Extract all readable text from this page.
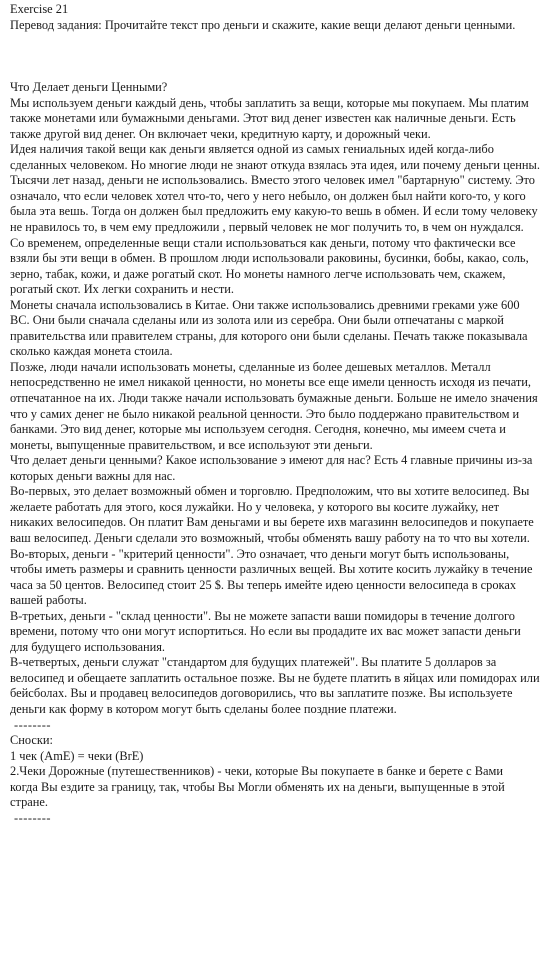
Exercise 21

Перевод задания: Прочитайте текст про деньги и скажите, какие вещи делают деньги ценными.

Что Делает деньги Ценными?

Мы используем деньги каждый день, чтобы заплатить за вещи, которые мы покупаем. Мы платим также монетами или бумажными деньгами. Этот вид денег известен как наличные деньги. Есть также другой вид денег. Он включает чеки, кредитную карту, и дорожный чеки.

Идея наличия такой вещи как деньги является одной из самых гениальных идей когда-либо сделанных человеком. Но многие люди не знают откуда взялась эта идея, или почему деньги ценны.

Тысячи лет назад, деньги не использовались. Вместо этого человек имел "бартарную" систему. Это означало, что если человек хотел что-то, чего у него небыло, он должен был найти кого-то, у кого была эта вешь. Тогда он должен был предложить ему какую-то вешь в обмен. И если тому человеку не нравилось то, в чем ему предложили , первый человек не мог получить то, в чем он нуждался.

Со временем, определенные вещи стали использоваться как деньги, потому что фактически все взяли бы эти вещи в обмен. В прошлом люди использовали раковины, бусинки, бобы, какао, соль, зерно, табак, кожи, и даже рогатый скот. Но монеты намного легче использовать чем, скажем, рогатый скот. Их легки сохранить и нести.

Монеты сначала использовались в Китае. Они также использовались древними греками уже 600 ВС. Они были сначала сделаны или из золота или из серебра. Они были отпечатаны с маркой правительства или правителем страны, для которого они были сделаны. Печать также показывала сколько каждая монета стоила.

Позже, люди начали использовать монеты, сделанные из более дешевых металлов. Металл непосредственно не имел никакой ценности, но монеты все еще имели ценность исходя из печати, отпечатанное на их. Люди также начали использовать бумажные деньги. Больше не имело значения что у самих денег не было никакой реальной ценности. Это было поддержано правительством и банками. Это вид денег, которые мы используем сегодня. Сегодня, конечно, мы имеем счета и монеты, выпущенные правительством, и все используют эти деньги.

Что делает деньги ценными? Какое использование э имеют для нас? Есть 4 главные причины из-за которых деньги важны для нас.

Во-первых, это делает возможный обмен и торговлю. Предположим, что вы хотите велосипед. Вы желаете работать для этого, кося лужайки. Но у человека, у которого вы косите лужайку, нет никаких велосипедов. Он платит Вам деньгами и вы берете ихв магазинн велосипедов и покупаете ваш велосипед. Деньги сделали это возможный, чтобы обменять вашу работу на то что вы хотели.

Во-вторых, деньги - "критерий ценности". Это означает, что деньги могут быть использованы, чтобы иметь размеры и сравнить ценности различных вещей. Вы хотите косить лужайку в течение часа за 50 центов. Велосипед стоит 25 $. Вы теперь имейте идею ценности велосипеда в сроках вашей работы.

В-третьих, деньги - "склад ценности". Вы не можете запасти ваши помидоры в течение долгого времени, потому что они могут испортиться. Но если вы продадите их вас может запасти деньги для будущего использования.

В-четвертых, деньги служат "стандартом для будущих платежей". Вы платите 5 долларов за велосипед и обещаете заплатить остальное позже. Вы не будете платить в яйцах или помидорах или бейсболах. Вы и продавец велосипедов договорились, что вы заплатите позже. Вы используете деньги как форму в котором могут быть сделаны более поздние платежи.

--------

Сноски:

1 чек (AmE) = чеки (BrE)

2.Чеки Дорожные (путешественников) - чеки, которые Вы покупаете в банке и берете с Вами

когда Вы ездите за границу, так, чтобы Вы Могли обменять их на деньги, выпущенные в этой стране.

--------
